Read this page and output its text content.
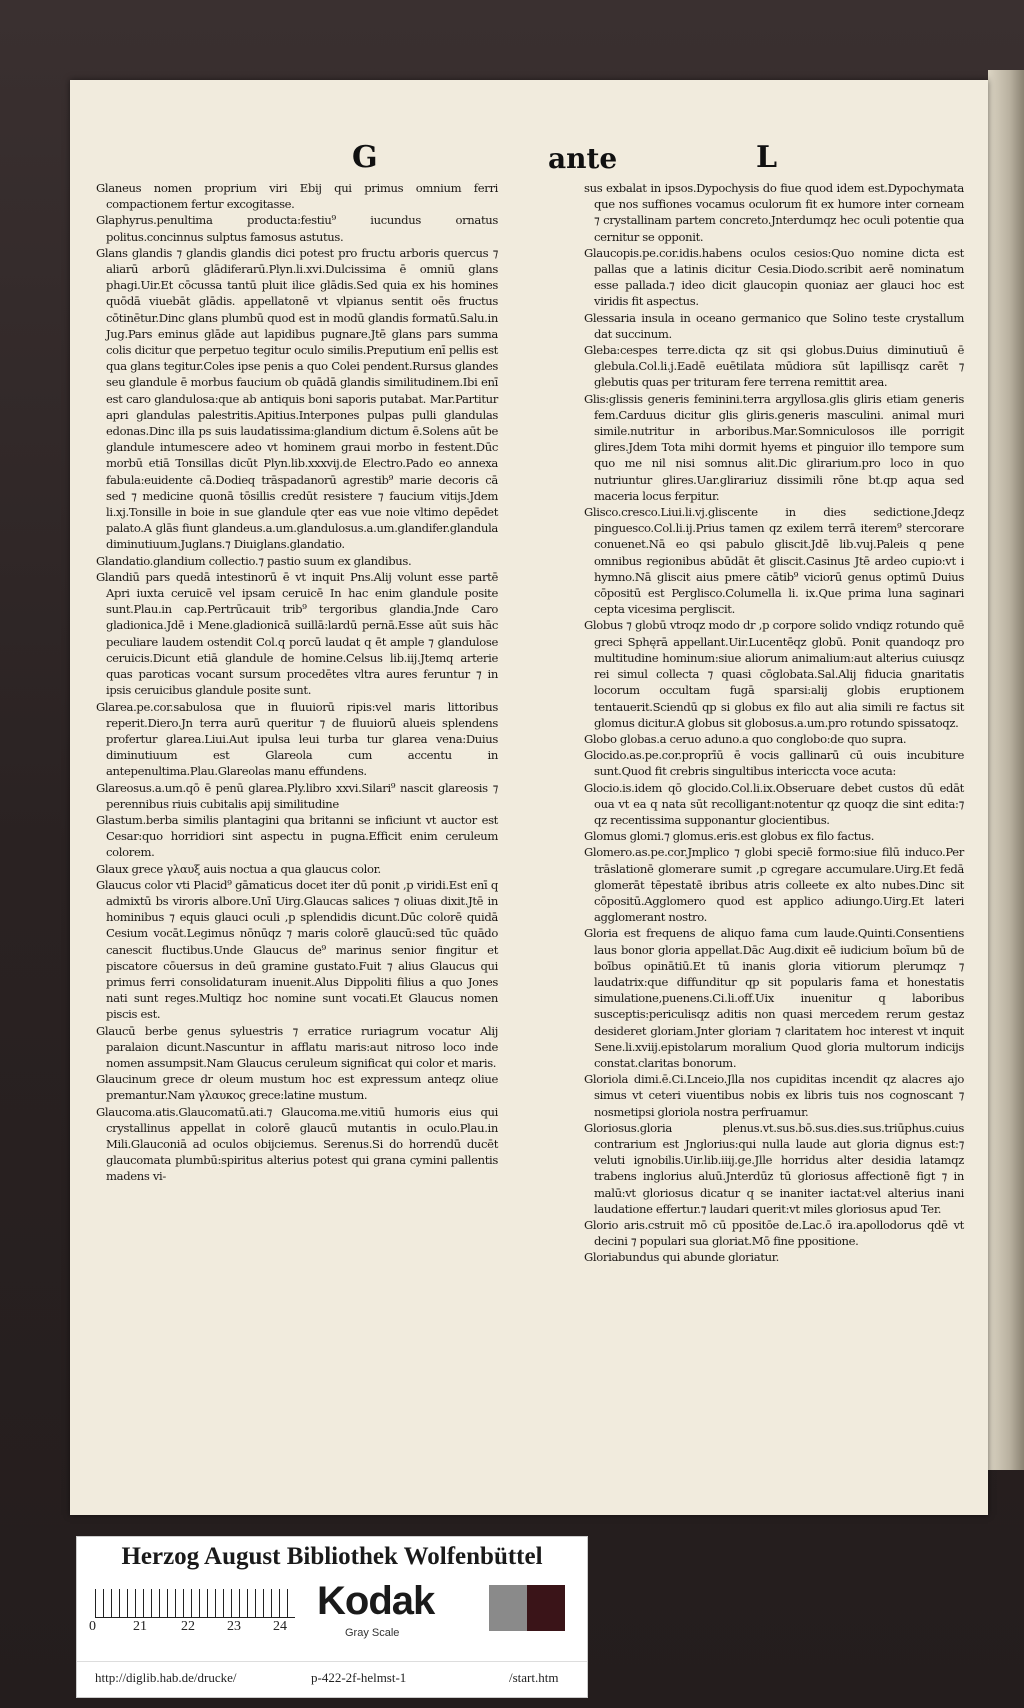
G	ante	L

Glaneus nomen proprium viri Ebij qui primus omnium ferri compactionem fertur excogitasse.

Glaphyrus.penultima producta:festiu⁹ iucundus ornatus politus.concinnus sulptus famosus astutus.

Glans glandis ⁊ glandis glandis dici potest pro fructu arboris quercus ⁊ aliarū arborū glādiferarū.Plyn.li.xvi.Dulcissima ē omniū glans phagi.Uir.Et cōcussa tantū pluit ilice glādis.Sed quia ex his homines quōdā viuebāt glādis. appellatonē vt vlpianus sentit oēs fructus cōtinētur.Dinc glans plumbū quod est in modū glandis formatū.Salu.in Jug.Pars eminus glāde aut lapidibus pugnare.Jtē glans pars summa colis dicitur que perpetuo tegitur oculo similis.Preputium enī pellis est qua glans tegitur.Coles ipse penis a quo Colei pendent.Rursus glandes seu glandule ē morbus faucium ob quādā glandis similitudinem.Ibi enī est caro glandulosa:que ab antiquis boni saporis putabat. Mar.Partitur apri glandulas palestritis.Apitius.Interpones pulpas pulli glandulas edonas.Dinc illa ps suis laudatissima:glandium dictum ē.Solens aūt be glandule intumescere adeo vt hominem graui morbo in festent.Dūc morbū etiā Tonsillas dicūt Plyn.lib.xxxvij.de Electro.Pado eo annexa fabula:euidente cā.Dodieq trāspadanorū agrestib⁹ marie decoris cā sed ⁊ medicine quonā tōsillis credūt resistere ⁊ faucium vitijs.Jdem li.xj.Tonsille in boie in sue glandule qter eas vue noie vltimo depēdet palato.A glās fiunt glandeus.a.um.glandulosus.a.um.glandifer.glandula diminutiuum.Juglans.⁊ Diuiglans.glandatio.

Glandatio.glandium collectio.⁊ pastio suum ex glandibus.

Glandiū pars quedā intestinorū ē vt inquit Pns.Alij volunt esse partē Apri iuxta ceruicē vel ipsam ceruicē In hac enim glandule posite sunt.Plau.in cap.Pertrūcauit trib⁹ tergoribus glandia.Jnde Caro gladionica.Jdē i Mene.gladionicā suillā:lardū pernā.Esse aūt suis hāc peculiare laudem ostendit Col.q porcū laudat q ēt ample ⁊ glandulose ceruicis.Dicunt etiā glandule de homine.Celsus lib.iij.Jtemq arterie quas paroticas vocant sursum procedētes vltra aures feruntur ⁊ in ipsis ceruicibus glandule posite sunt.

Glarea.pe.cor.sabulosa que in fluuiorū ripis:vel maris littoribus reperit.Diero.Jn terra aurū queritur ⁊ de fluuiorū alueis splendens profertur glarea.Liui.Aut ipulsa leui turba tur glarea vena:Duius diminutiuum est Glareola cum accentu in antepenultima.Plau.Glareolas manu effundens.

Glareosus.a.um.qō ē penū glarea.Ply.libro xxvi.Silari⁹ nascit glareosis ⁊ perennibus riuis cubitalis apij similitudine

Glastum.berba similis plantagini qua britanni se inficiunt vt auctor est Cesar:quo horridiori sint aspectu in pugna.Efficit enim ceruleum colorem.

Glaux grece γλαυξ auis noctua a qua glaucus color.

Glaucus color vti Placid⁹ gāmaticus docet iter dū ponit ,p viridi.Est enī q admixtū bs viroris albore.Unī Uirg.Glaucas salices ⁊ oliuas dixit.Jtē in hominibus ⁊ equis glauci oculi ,p splendidis dicunt.Dūc colorē quidā Cesium vocāt.Legimus nōnūqz ⁊ maris colorē glaucū:sed tūc quādo canescit fluctibus.Unde Glaucus de⁹ marinus senior fingitur et piscatore cōuersus in deū gramine gustato.Fuit ⁊ alius Glaucus qui primus ferri consolidaturam inuenit.Alus Dippoliti filius a quo Jones nati sunt reges.Multiqz hoc nomine sunt vocati.Et Glaucus nomen piscis est.

Glaucū berbe genus syluestris ⁊ erratice ruriagrum vocatur Alij paralaion dicunt.Nascuntur in afflatu maris:aut nitroso loco inde nomen assumpsit.Nam Glaucus ceruleum significat qui color et maris.

Glaucinum grece dr oleum mustum hoc est expressum anteqz oliue premantur.Nam γλαυκος grece:latine mustum.

Glaucoma.atis.Glaucomatū.ati.⁊ Glaucoma.me.vitiū humoris eius qui crystallinus appellat in colorē glaucū mutantis in oculo.Plau.in Mili.Glauconiā ad oculos obijciemus. Serenus.Si do horrendū ducēt glaucomata plumbū:spiritus alterius potest qui grana cymini pallentis madens vi-

sus exbalat in ipsos.Dypochysis do fiue quod idem est.Dypochymata que nos suffiones vocamus oculorum fit ex humore inter corneam ⁊ crystallinam partem concreto.Jnterdumqz hec oculi potentie qua cernitur se opponit.

Glaucopis.pe.cor.idis.habens oculos cesios:Quo nomine dicta est pallas que a latinis dicitur Cesia.Diodo.scribit aerē nominatum esse pallada.⁊ ideo dicit glaucopin quoniaz aer glauci hoc est viridis fit aspectus.

Glessaria insula in oceano germanico que Solino teste crystallum dat succinum.

Gleba:cespes terre.dicta qz sit qsi globus.Duius diminutiuū ē glebula.Col.li.j.Eadē euētilata mūdiora sūt lapillisqz carēt ⁊ glebutis quas per trituram fere terrena remittit area.

Glis:glissis generis feminini.terra argyllosa.glis gliris etiam generis fem.Carduus dicitur glis gliris.generis masculini. animal muri simile.nutritur in arboribus.Mar.Somniculosos ille porrigit glires.Jdem Tota mihi dormit hyems et pinguior illo tempore sum quo me nil nisi somnus alit.Dic glirarium.pro loco in quo nutriuntur glires.Uar.glirariuz dissimili rōne bt.qp aqua sed maceria locus ferpitur.

Glisco.cresco.Liui.li.vj.gliscente in dies sedictione.Jdeqz pinguesco.Col.li.ij.Prius tamen qz exilem terrā iterem⁹ stercorare conuenet.Nā eo qsi pabulo gliscit.Jdē lib.vuj.Paleis q pene omnibus regionibus abūdāt ēt gliscit.Casinus Jtē ardeo cupio:vt i hymno.Nā gliscit aius pmere cātib⁹ viciorū genus optimū Duius cōpositū est Perglisco.Columella li. ix.Que prima luna saginari cepta vicesima pergliscit.

Globus ⁊ globū vtroqz modo dr ,p corpore solido vndiqz rotundo quē greci Sphęrā appellant.Uir.Lucentēqz globū. Ponit quandoqz pro multitudine hominum:siue aliorum animalium:aut alterius cuiusqz rei simul collecta ⁊ quasi cōglobata.Sal.Alij fiducia gnaritatis locorum occultam fugā sparsi:alij globis eruptionem tentauerit.Sciendū qp si globus ex filo aut alia simili re factus sit glomus dicitur.A globus sit globosus.a.um.pro rotundo spissatoqz.

Globo globas.a ceruo aduno.a quo conglobo:de quo supra.

Glocido.as.pe.cor.proprīū ē vocis gallinarū cū ouis incubiture sunt.Quod fit crebris singultibus intericcta voce acuta:

Glocio.is.idem qō glocido.Col.li.ix.Obseruare debet custos dū edāt oua vt ea q nata sūt recolligant:notentur qz quoqz die sint edita:⁊ qz recentissima supponantur glocientibus.

Glomus glomi.⁊ glomus.eris.est globus ex filo factus.

Glomero.as.pe.cor.Jmplico ⁊ globi speciē formo:siue filū induco.Per trāslationē glomerare sumit ,p cgregare accumulare.Uirg.Et fedā glomerāt tēpestatē ibribus atris colleete ex alto nubes.Dinc sit cōpositū.Agglomero quod est applico adiungo.Uirg.Et lateri agglomerant nostro.

Gloria est frequens de aliquo fama cum laude.Quinti.Consentiens laus bonor gloria appellat.Dāc Aug.dixit eē iudicium boīum bū de boībus opinātiū.Et tū inanis gloria vitiorum plerumqz ⁊ laudatrix:que diffunditur qp sit popularis fama et honestatis simulatione,puenens.Ci.li.off.Uix inuenitur q laboribus susceptis:periculisqz aditis non quasi mercedem rerum gestaz desideret gloriam.Jnter gloriam ⁊ claritatem hoc interest vt inquit Sene.li.xviij.epistolarum moralium Quod gloria multorum indicijs constat.claritas bonorum.

Gloriola dimi.ē.Ci.Lnceio.Jlla nos cupiditas incendit qz alacres ajo simus vt ceteri viuentibus nobis ex libris tuis nos cognoscant ⁊ nosmetipsi gloriola nostra perfruamur.

Gloriosus.gloria plenus.vt.sus.bō.sus.dies.sus.triūphus.cuius contrarium est Jnglorius:qui nulla laude aut gloria dignus est:⁊ veluti ignobilis.Uir.lib.iiij.ge.Jlle horridus alter desidia latamqz trabens inglorius aluū.Jnterdūz tū gloriosus affectionē figt ⁊ in malū:vt gloriosus dicatur q se inaniter iactat:vel alterius inani laudatione effertur.⁊ laudari querit:vt miles gloriosus apud Ter.

Glorio aris.cstruit mō cū ppositōe de.Lac.ō ira.apollodorus qdē vt decini ⁊ populari sua gloriat.Mō fine ppositione.

Gloriabundus qui abunde gloriatur.

Herzog August Bibliothek Wolfenbüttel
0	21 22 23 24
Kodak
Gray Scale
http://diglib.hab.de/drucke/	p-422-2f-helmst-1	/start.htm
